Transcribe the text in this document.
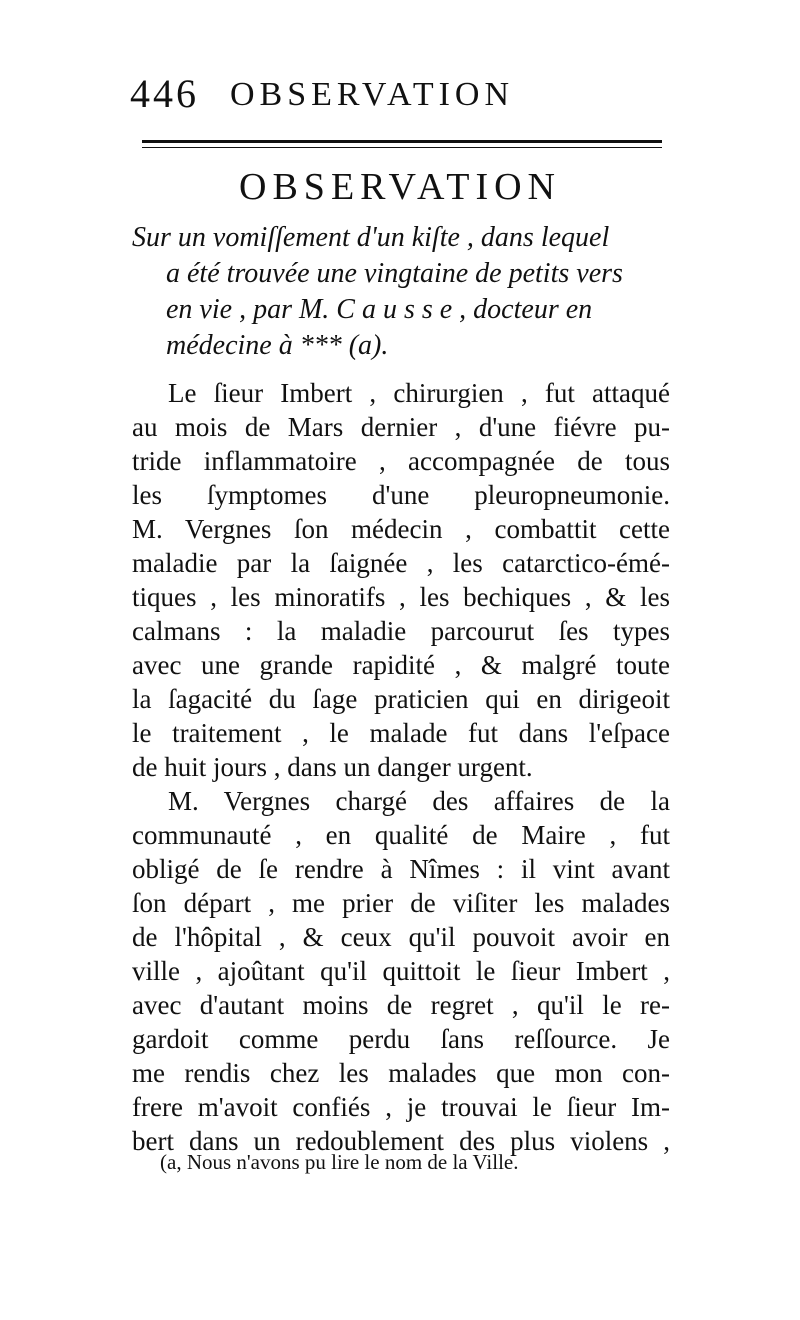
446 OBSERVATION
OBSERVATION
Sur un vomiſſement d'un kiſte , dans lequel
a été trouvée une vingtaine de petits vers
en vie , par M. C a u s s e , docteur en
médecine à *** (a).
Le ſieur Imbert , chirurgien , fut attaqué
au mois de Mars dernier , d'une fiévre pu-
tride inflammatoire , accompagnée de tous
les ſymptomes d'une pleuropneumonie.
M. Vergnes ſon médecin , combattit cette
maladie par la ſaignée , les catarctico-émé-
tiques , les minoratifs , les bechiques , & les
calmans : la maladie parcourut ſes types
avec une grande rapidité , & malgré toute
la ſagacité du ſage praticien qui en dirigeoit
le traitement , le malade fut dans l'eſpace
de huit jours , dans un danger urgent.
M. Vergnes chargé des affaires de la
communauté , en qualité de Maire , fut
obligé de ſe rendre à Nîmes : il vint avant
ſon départ , me prier de viſiter les malades
de l'hôpital , & ceux qu'il pouvoit avoir en
ville , ajoûtant qu'il quittoit le ſieur Imbert ,
avec d'autant moins de regret , qu'il le re-
gardoit comme perdu ſans reſſource. Je
me rendis chez les malades que mon con-
frere m'avoit confiés , je trouvai le ſieur Im-
bert dans un redoublement des plus violens ,
(a, Nous n'avons pu lire le nom de la Ville.
